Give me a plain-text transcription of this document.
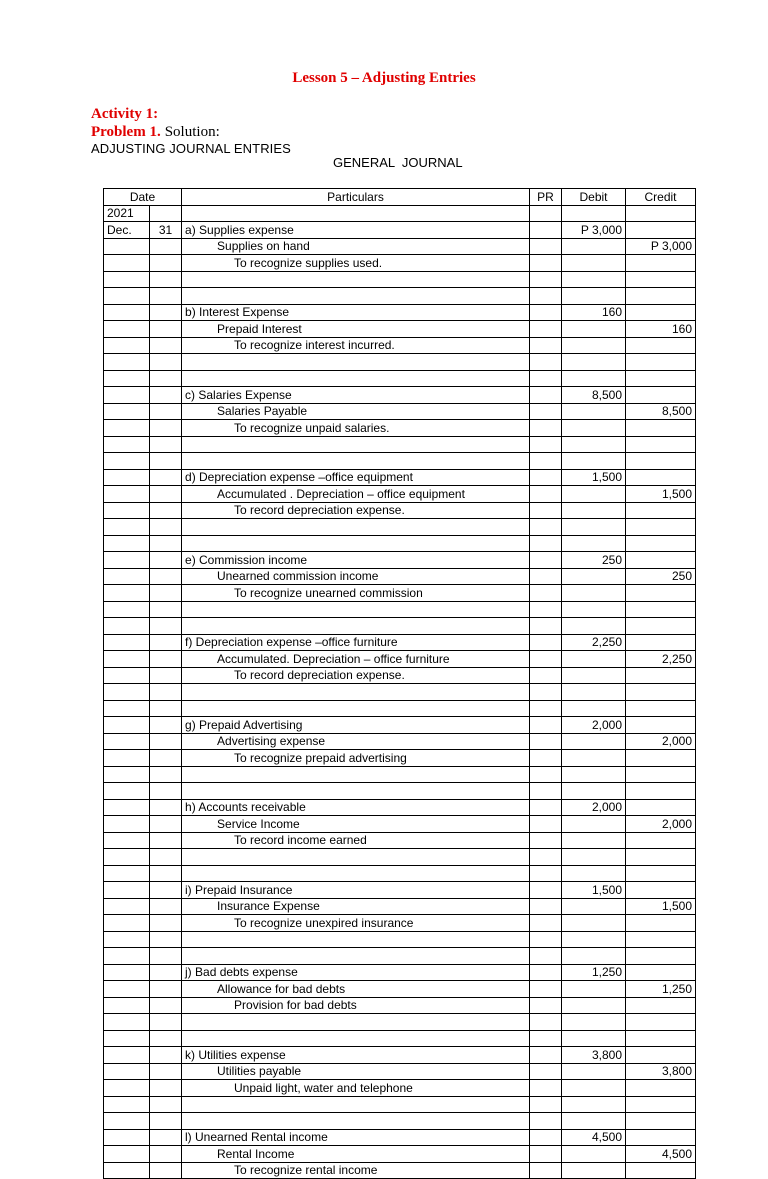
Lesson 5 – Adjusting Entries
Activity 1:
Problem 1. Solution:
ADJUSTING JOURNAL ENTRIES
GENERAL  JOURNAL
Date		Particulars	PR	Debit	Credit
2021					
Dec.	31	a) Supplies expense		P 3,000	
		Supplies on hand			P 3,000
		To recognize supplies used.			

		b) Interest Expense		160	
		Prepaid Interest			160
		To recognize interest incurred.			

		c) Salaries Expense		8,500	
		Salaries Payable			8,500
		To recognize unpaid salaries.			

		d) Depreciation expense –office equipment		1,500	
		Accumulated . Depreciation – office equipment			1,500
		To record depreciation expense.			

		e) Commission income		250	
		Unearned commission income			250
		To recognize unearned commission			

		f) Depreciation expense –office furniture		2,250	
		Accumulated. Depreciation – office furniture			2,250
		To record depreciation expense.			

		g) Prepaid Advertising		2,000	
		Advertising expense			2,000
		To recognize prepaid advertising			

		h) Accounts receivable		2,000	
		Service Income			2,000
		To record income earned			

		i) Prepaid Insurance		1,500	
		Insurance Expense			1,500
		To recognize unexpired insurance			

		j) Bad debts expense		1,250	
		Allowance for bad debts			1,250
		Provision for bad debts			

		k) Utilities expense		3,800	
		Utilities payable			3,800
		Unpaid light, water and telephone			

		l) Unearned Rental income		4,500	
		Rental Income			4,500
		To recognize rental income			
